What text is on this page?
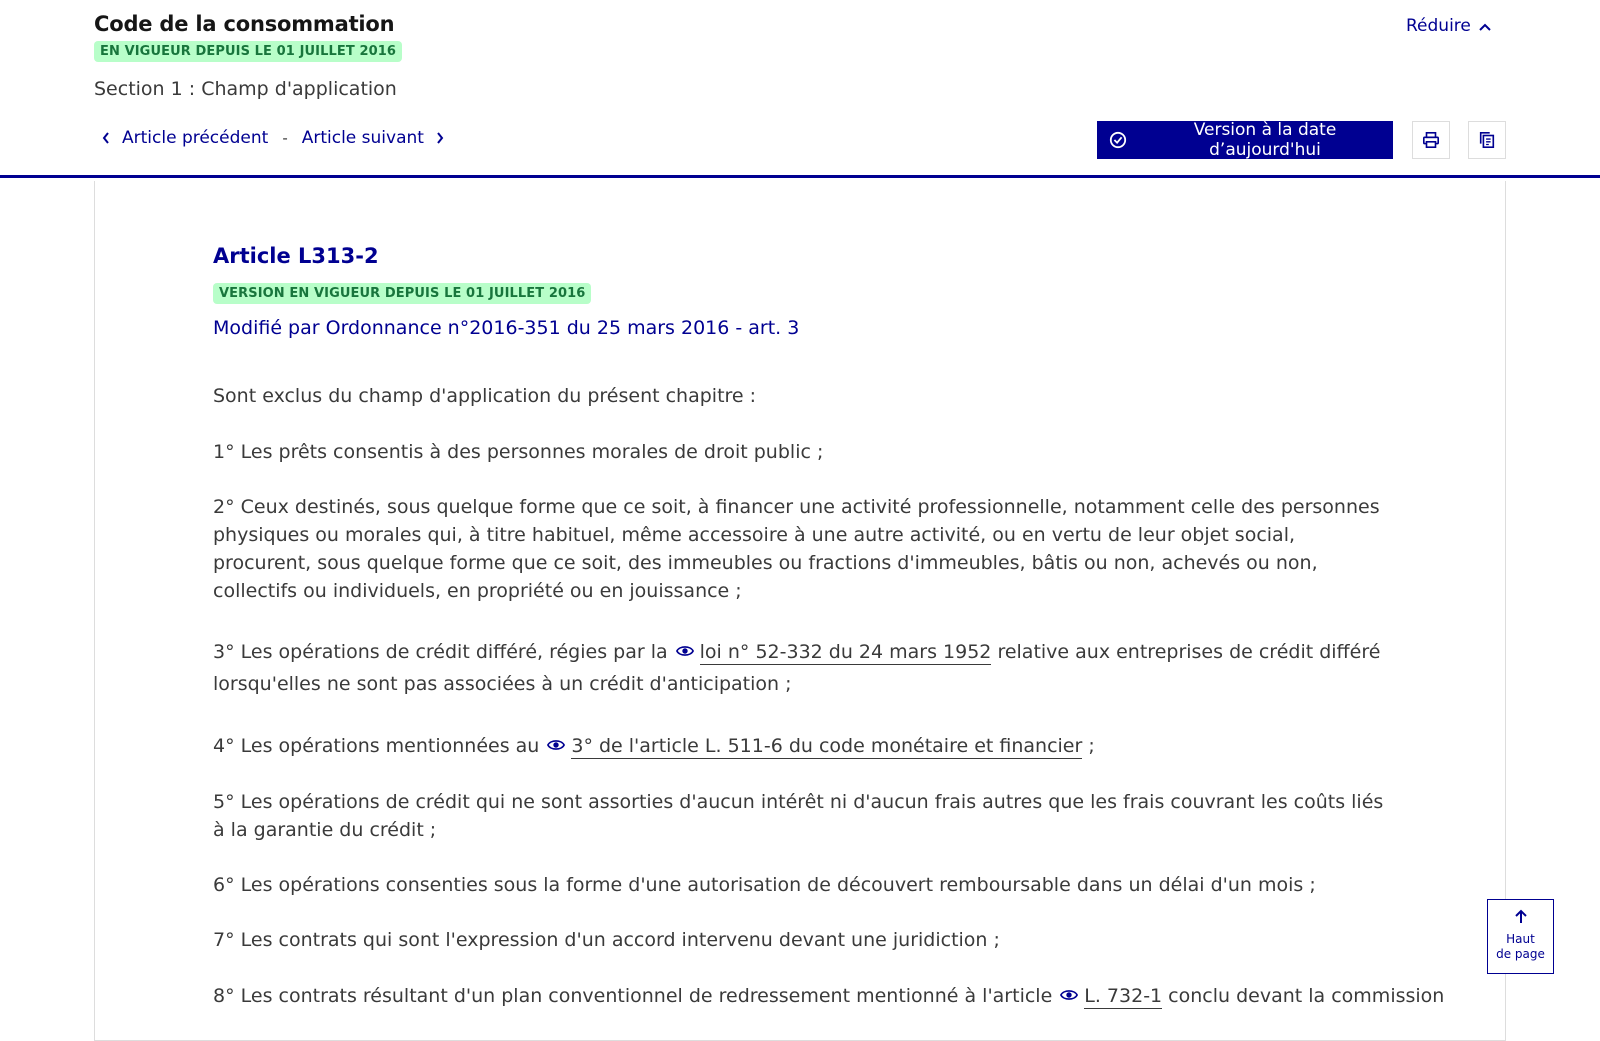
Code de la consommation
EN VIGUEUR DEPUIS LE 01 JUILLET 2016
Section 1 : Champ d'application
Réduire
Article précédent - Article suivant	Version à la date d’aujourd'hui
Article L313-2
VERSION EN VIGUEUR DEPUIS LE 01 JUILLET 2016
Modifié par Ordonnance n°2016-351 du 25 mars 2016 - art. 3
Sont exclus du champ d'application du présent chapitre :
1° Les prêts consentis à des personnes morales de droit public ;
2° Ceux destinés, sous quelque forme que ce soit, à financer une activité professionnelle, notamment celle des personnes physiques ou morales qui, à titre habituel, même accessoire à une autre activité, ou en vertu de leur objet social, procurent, sous quelque forme que ce soit, des immeubles ou fractions d'immeubles, bâtis ou non, achevés ou non, collectifs ou individuels, en propriété ou en jouissance ;
3° Les opérations de crédit différé, régies par la loi n° 52-332 du 24 mars 1952 relative aux entreprises de crédit différé lorsqu'elles ne sont pas associées à un crédit d'anticipation ;
4° Les opérations mentionnées au 3° de l'article L. 511-6 du code monétaire et financier ;
5° Les opérations de crédit qui ne sont assorties d'aucun intérêt ni d'aucun frais autres que les frais couvrant les coûts liés à la garantie du crédit ;
6° Les opérations consenties sous la forme d'une autorisation de découvert remboursable dans un délai d'un mois ;
7° Les contrats qui sont l'expression d'un accord intervenu devant une juridiction ;
8° Les contrats résultant d'un plan conventionnel de redressement mentionné à l'article L. 732-1 conclu devant la commission
Haut
de page
